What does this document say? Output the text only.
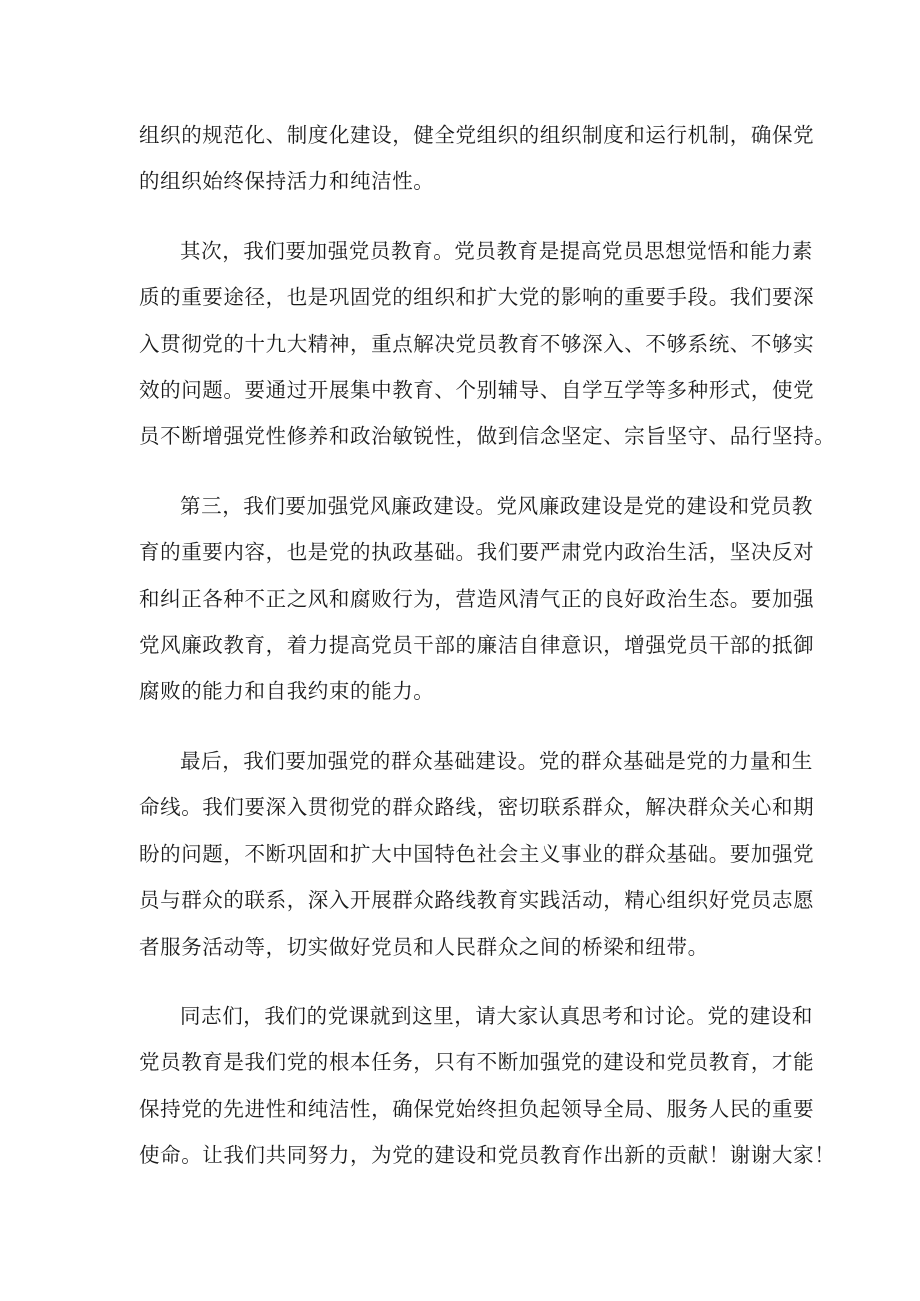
组织的规范化、制度化建设，健全党组织的组织制度和运行机制，确保党
的组织始终保持活力和纯洁性。

其次，我们要加强党员教育。党员教育是提高党员思想觉悟和能力素
质的重要途径，也是巩固党的组织和扩大党的影响的重要手段。我们要深
入贯彻党的十九大精神，重点解决党员教育不够深入、不够系统、不够实
效的问题。要通过开展集中教育、个别辅导、自学互学等多种形式，使党
员不断增强党性修养和政治敏锐性，做到信念坚定、宗旨坚守、品行坚持。

第三，我们要加强党风廉政建设。党风廉政建设是党的建设和党员教
育的重要内容，也是党的执政基础。我们要严肃党内政治生活，坚决反对
和纠正各种不正之风和腐败行为，营造风清气正的良好政治生态。要加强
党风廉政教育，着力提高党员干部的廉洁自律意识，增强党员干部的抵御
腐败的能力和自我约束的能力。

最后，我们要加强党的群众基础建设。党的群众基础是党的力量和生
命线。我们要深入贯彻党的群众路线，密切联系群众，解决群众关心和期
盼的问题，不断巩固和扩大中国特色社会主义事业的群众基础。要加强党
员与群众的联系，深入开展群众路线教育实践活动，精心组织好党员志愿
者服务活动等，切实做好党员和人民群众之间的桥梁和纽带。

同志们，我们的党课就到这里，请大家认真思考和讨论。党的建设和
党员教育是我们党的根本任务，只有不断加强党的建设和党员教育，才能
保持党的先进性和纯洁性，确保党始终担负起领导全局、服务人民的重要
使命。让我们共同努力，为党的建设和党员教育作出新的贡献！谢谢大家！
